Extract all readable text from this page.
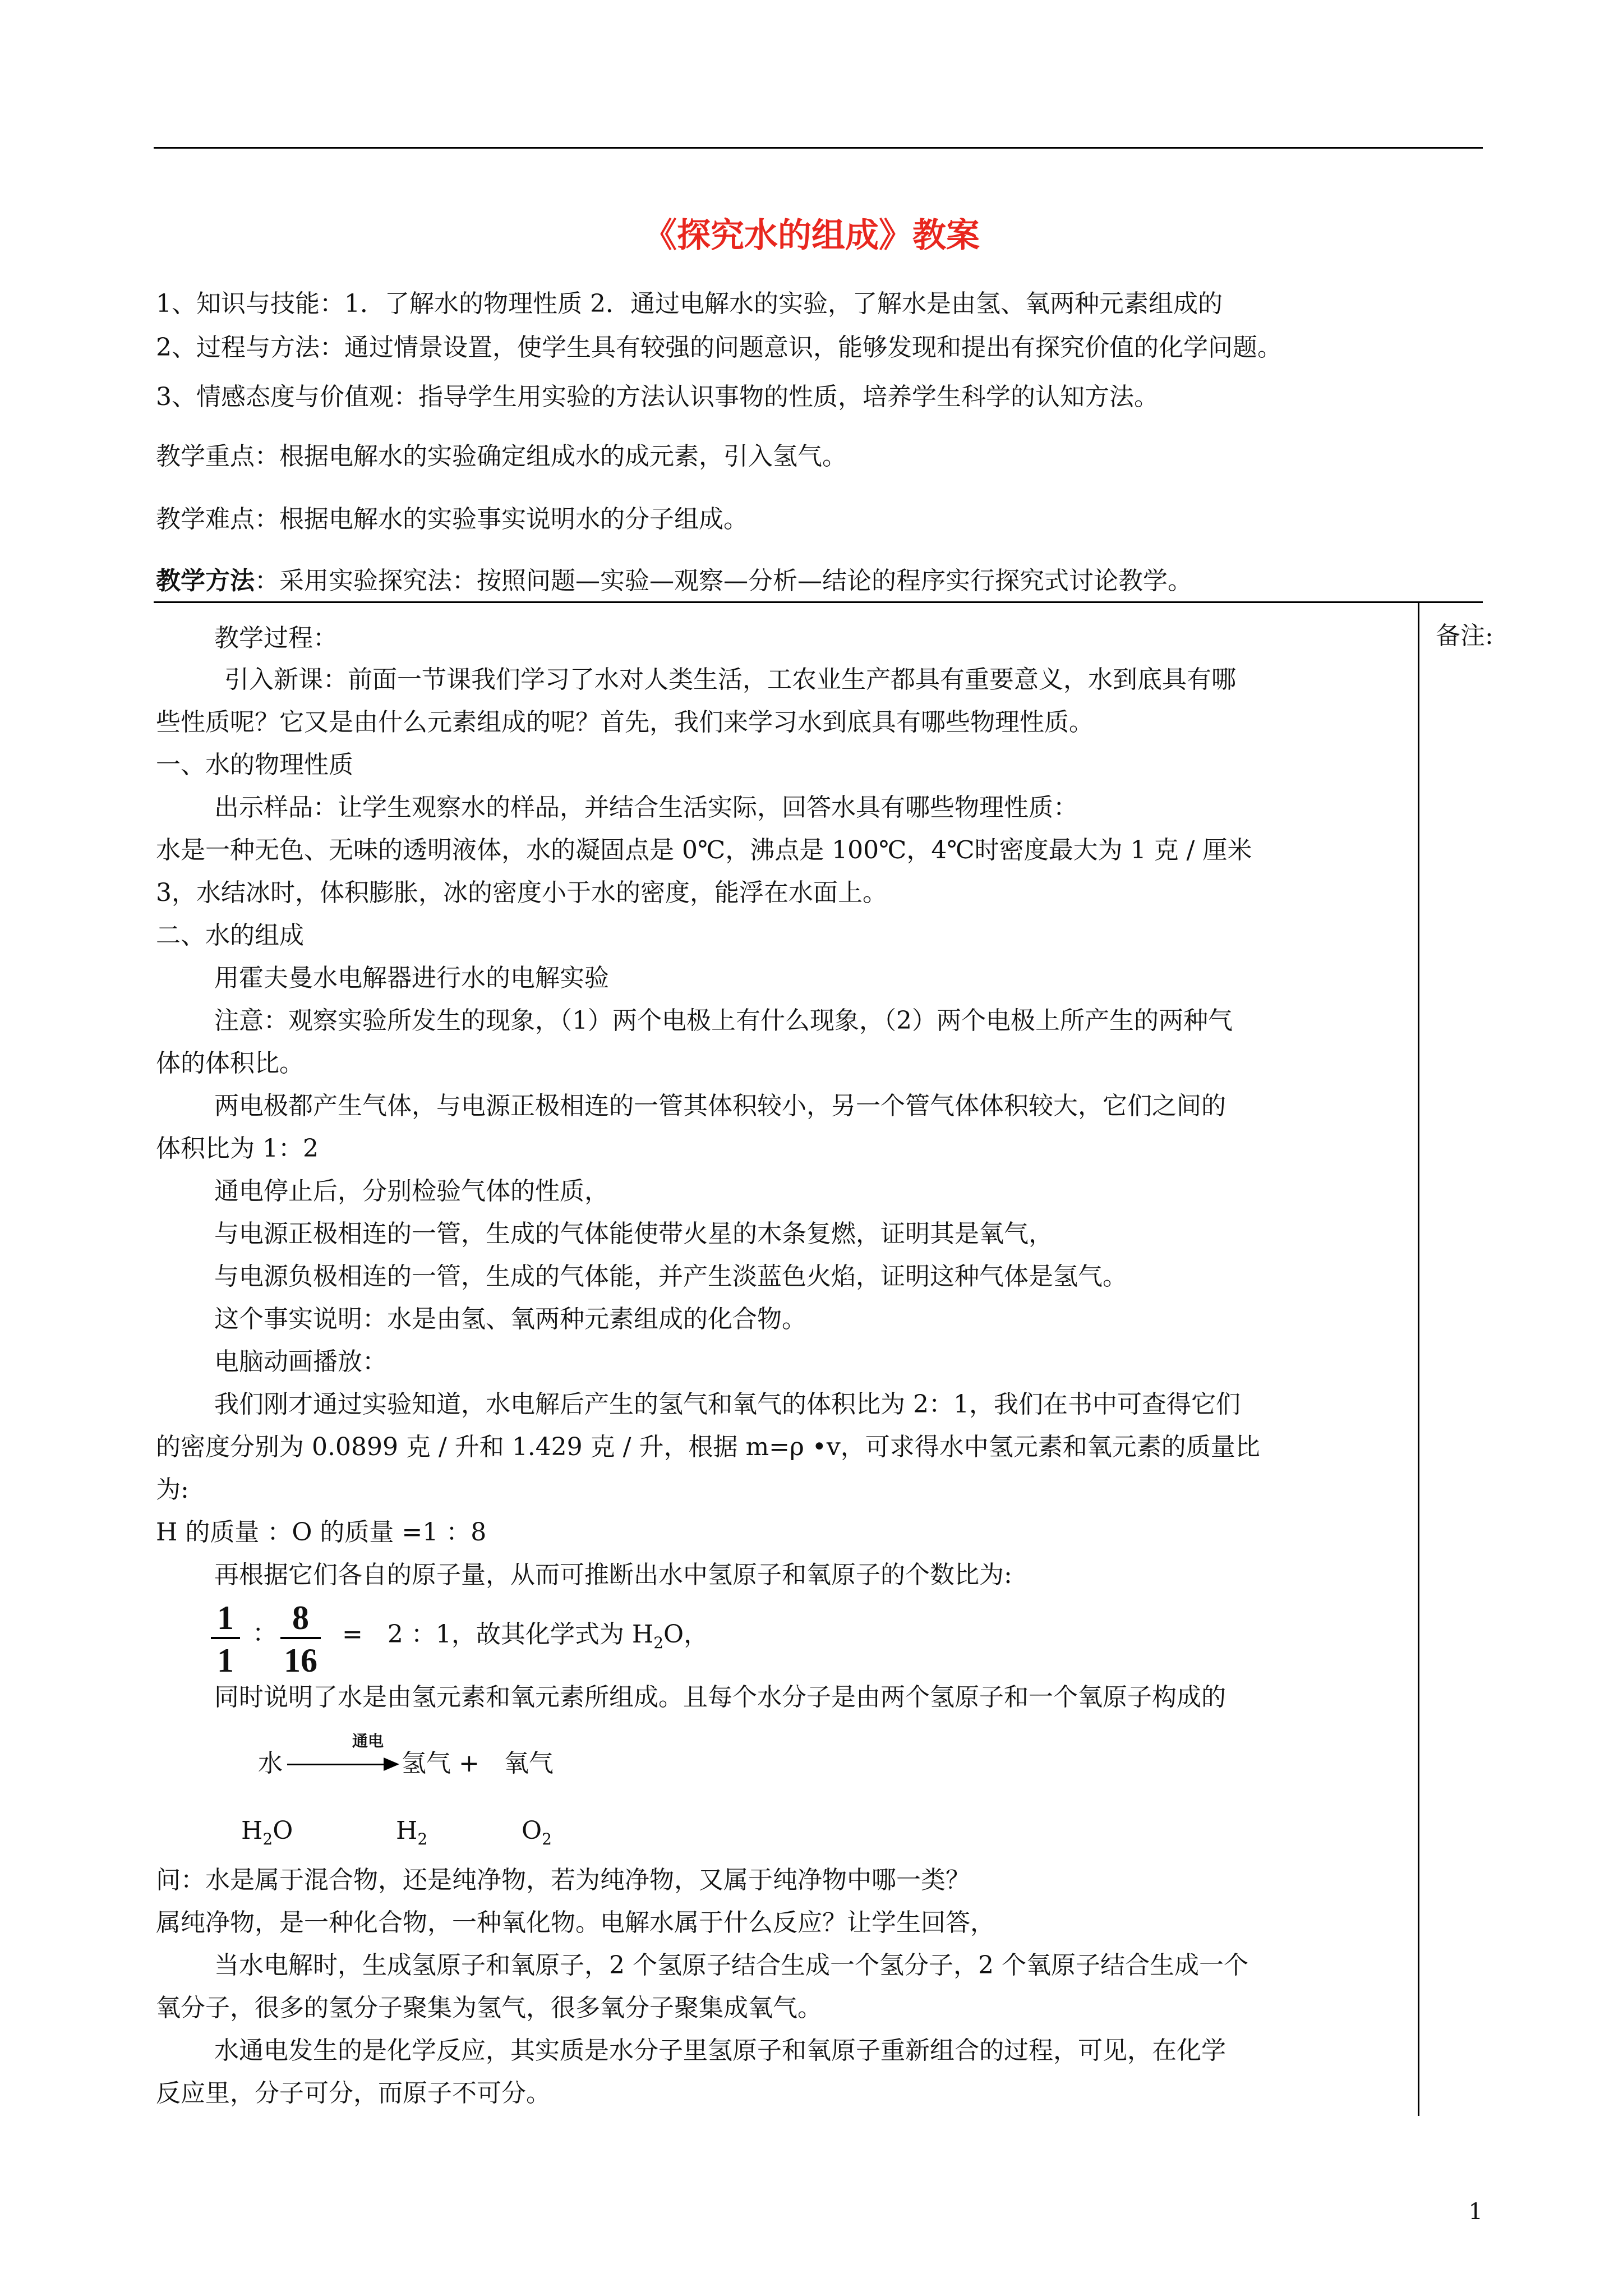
《探究水的组成》教案
1、知识与技能：1．了解水的物理性质 2．通过电解水的实验，了解水是由氢、氧两种元素组成的
2、过程与方法：通过情景设置，使学生具有较强的问题意识，能够发现和提出有探究价值的化学问题。
3、情感态度与价值观：指导学生用实验的方法认识事物的性质，培养学生科学的认知方法。
教学重点：根据电解水的实验确定组成水的成元素，引入氢气。
教学难点：根据电解水的实验事实说明水的分子组成。
教学方法：采用实验探究法：按照问题—实验—观察—分析—结论的程序实行探究式讨论教学。
备注:
教学过程：
引入新课：前面一节课我们学习了水对人类生活，工农业生产都具有重要意义，水到底具有哪
些性质呢？它又是由什么元素组成的呢？首先，我们来学习水到底具有哪些物理性质。
一、水的物理性质
出示样品：让学生观察水的样品，并结合生活实际，回答水具有哪些物理性质：
水是一种无色、无味的透明液体，水的凝固点是 0℃，沸点是 100℃，4℃时密度最大为 1 克 / 厘米
3，水结冰时，体积膨胀，冰的密度小于水的密度，能浮在水面上。
二、水的组成
用霍夫曼水电解器进行水的电解实验
注意：观察实验所发生的现象，（1）两个电极上有什么现象，（2）两个电极上所产生的两种气
体的体积比。
两电极都产生气体，与电源正极相连的一管其体积较小，另一个管气体体积较大，它们之间的
体积比为 1：2
通电停止后，分别检验气体的性质，
与电源正极相连的一管，生成的气体能使带火星的木条复燃，证明其是氧气，
与电源负极相连的一管，生成的气体能，并产生淡蓝色火焰，证明这种气体是氢气。
这个事实说明：水是由氢、氧两种元素组成的化合物。
电脑动画播放：
我们刚才通过实验知道，水电解后产生的氢气和氧气的体积比为 2：1，我们在书中可查得它们
的密度分别为 0.0899 克 / 升和 1.429 克 / 升，根据 m=ρ •v，可求得水中氢元素和氧元素的质量比
为:
H 的质量 ：O 的质量 =1 ：8
再根据它们各自的原子量，从而可推断出水中氢原子和氧原子的个数比为:
1
1
： 8
16
=　2 ：1，故其化学式为 $H_2O$，
同时说明了水是由氢元素和氧元素所组成。且每个水分子是由两个氢原子和一个氧原子构成的
水
通电
氢气 +　氧气
$H_2O$	$H_2$	$O_2$
问：水是属于混合物，还是纯净物，若为纯净物，又属于纯净物中哪一类？
属纯净物，是一种化合物，一种氧化物。电解水属于什么反应？让学生回答，
当水电解时，生成氢原子和氧原子，2 个氢原子结合生成一个氢分子，2 个氧原子结合生成一个
氧分子，很多的氢分子聚集为氢气，很多氧分子聚集成氧气。
水通电发生的是化学反应，其实质是水分子里氢原子和氧原子重新组合的过程，可见，在化学
反应里，分子可分，而原子不可分。
1
